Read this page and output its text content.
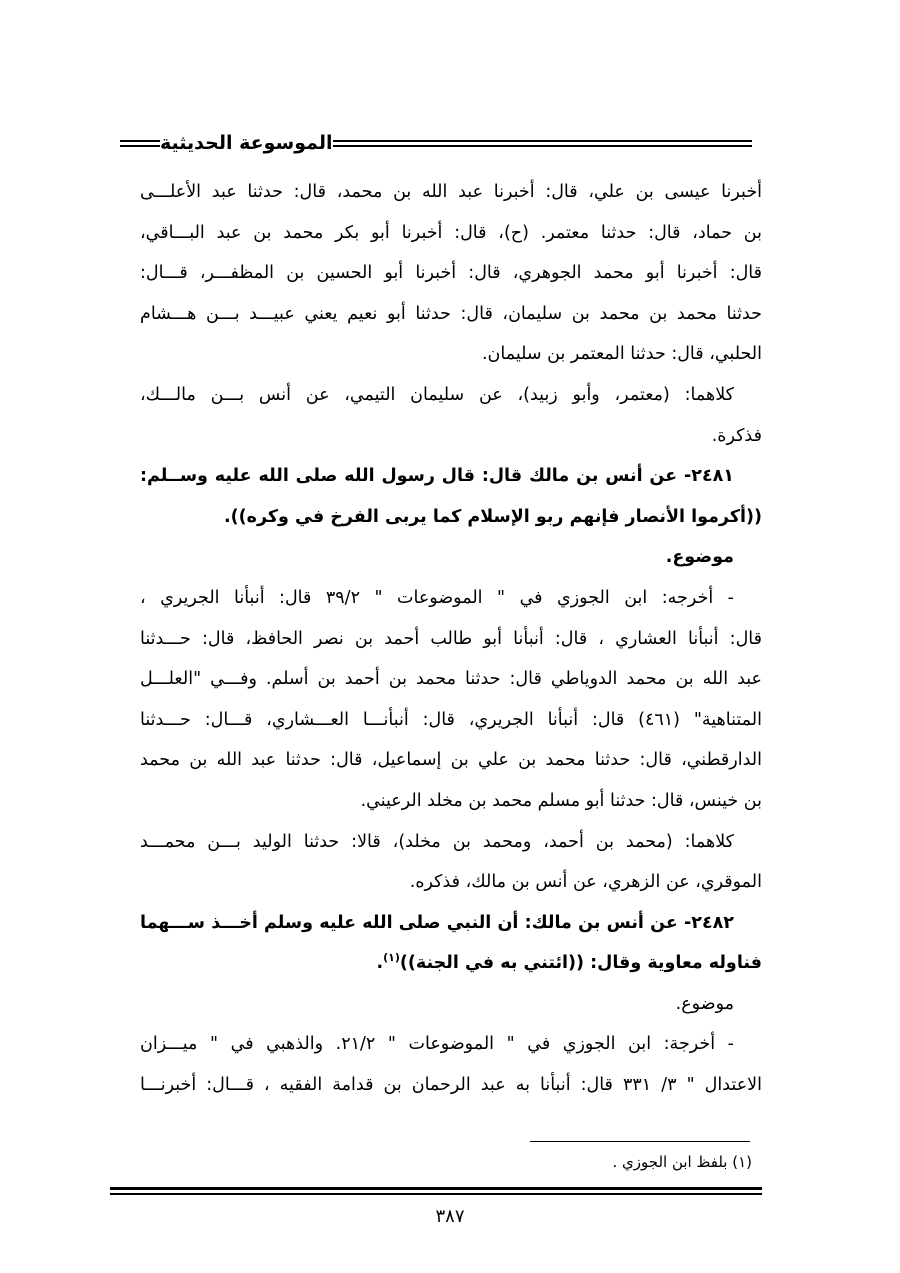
الموسوعة الحديثية

أخبرنا عيسى بن علي، قال: أخبرنا عبد الله بن محمد، قال: حدثنا عبد الأعلـــى
بن حماد، قال: حدثنا معتمر. (ح)، قال: أخبرنا أبو بكر محمد بن عبد البـــاقي،
قال: أخبرنا أبو محمد الجوهري، قال: أخبرنا أبو الحسين بن المظفـــر، قـــال:
حدثنا محمد بن محمد بن سليمان، قال: حدثنا أبو نعيم يعني عبيـــد بـــن هـــشام
الحلبي، قال: حدثنا المعتمر بن سليمان.

كلاهما: (معتمر، وأبو زبيد)، عن سليمان التيمي، عن أنس بـــن مالـــك،
فذكرة.

٢٤٨١- عن أنس بن مالك قال: قال رسول الله صلى الله عليه وســلم:
((أكرموا الأنصار فإنهم ربو الإسلام كما يربى الفرخ في وكره)).

موضوع.

- أخرجه: ابن الجوزي في " الموضوعات " ٣٩/٢ قال: أنبأنا الجريري ،
قال: أنبأنا العشاري ، قال: أنبأنا أبو طالب أحمد بن نصر الحافظ، قال: حـــدثنا
عبد الله بن محمد الدوياطي قال: حدثنا محمد بن أحمد بن أسلم. وفـــي "العلـــل
المتناهية" (٤٦١) قال: أنبأنا الجريري، قال: أنبأنـــا العـــشاري، قـــال: حـــدثنا
الدارقطني، قال: حدثنا محمد بن علي بن إسماعيل، قال: حدثنا عبد الله بن محمد
بن خينس، قال: حدثنا أبو مسلم محمد بن مخلد الرعيني.

كلاهما: (محمد بن أحمد، ومحمد بن مخلد)، قالا: حدثنا الوليد بـــن محمـــد
الموقري، عن الزهري، عن أنس بن مالك، فذكره.

٢٤٨٢- عن أنس بن مالك: أن النبي صلى الله عليه وسلم أخـــذ ســـهما
فناوله معاوية وقال: ((ائتني به في الجنة))$^{(١)}$.

موضوع.

- أخرجة: ابن الجوزي في " الموضوعات " ٢١/٢. والذهبي في " ميـــزان
الاعتدال " ٣/ ٣٣١ قال: أنبأنا به عبد الرحمان بن قدامة الفقيه ، قـــال: أخبرنـــا

(١) بلفظ ابن الجوزي .
٣٨٧
